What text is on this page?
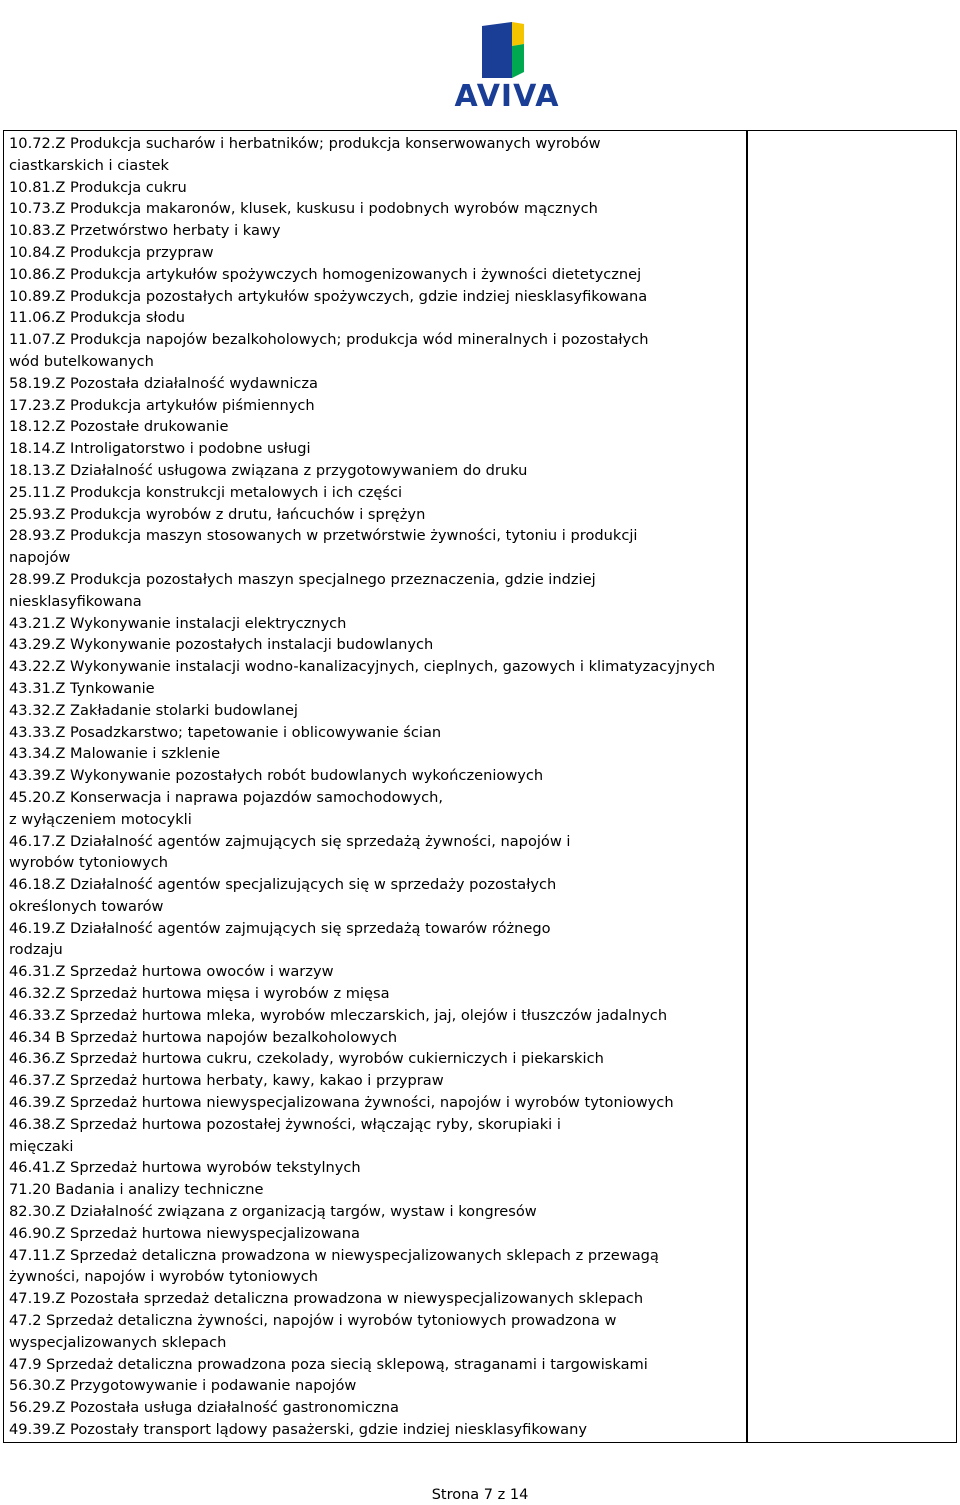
AVIVA
10.72.Z Produkcja sucharów i herbatników; produkcja konserwowanych wyrobów
ciastkarskich i ciastek
10.81.Z Produkcja cukru
10.73.Z Produkcja makaronów, klusek, kuskusu i podobnych wyrobów mącznych
10.83.Z Przetwórstwo herbaty i kawy
10.84.Z Produkcja przypraw
10.86.Z Produkcja artykułów spożywczych homogenizowanych i żywności dietetycznej
10.89.Z Produkcja pozostałych artykułów spożywczych, gdzie indziej niesklasyfikowana
11.06.Z Produkcja słodu
11.07.Z Produkcja napojów bezalkoholowych; produkcja wód mineralnych i pozostałych
wód butelkowanych
58.19.Z Pozostała działalność wydawnicza
17.23.Z Produkcja artykułów piśmiennych
18.12.Z Pozostałe drukowanie
18.14.Z Introligatorstwo i podobne usługi
18.13.Z Działalność usługowa związana z przygotowywaniem do druku
25.11.Z Produkcja konstrukcji metalowych i ich części
25.93.Z Produkcja wyrobów z drutu, łańcuchów i sprężyn
28.93.Z Produkcja maszyn stosowanych w przetwórstwie żywności, tytoniu i produkcji
napojów
28.99.Z Produkcja pozostałych maszyn specjalnego przeznaczenia, gdzie indziej
niesklasyfikowana
43.21.Z Wykonywanie instalacji elektrycznych
43.29.Z Wykonywanie pozostałych instalacji budowlanych
43.22.Z Wykonywanie instalacji wodno-kanalizacyjnych, cieplnych, gazowych i klimatyzacyjnych
43.31.Z Tynkowanie
43.32.Z Zakładanie stolarki budowlanej
43.33.Z Posadzkarstwo; tapetowanie i oblicowywanie ścian
43.34.Z Malowanie i szklenie
43.39.Z Wykonywanie pozostałych robót budowlanych wykończeniowych
45.20.Z Konserwacja i naprawa pojazdów samochodowych,
z wyłączeniem motocykli
46.17.Z Działalność agentów zajmujących się sprzedażą żywności, napojów i
wyrobów tytoniowych
46.18.Z Działalność agentów specjalizujących się w sprzedaży pozostałych
określonych towarów
46.19.Z Działalność agentów zajmujących się sprzedażą towarów różnego
rodzaju
46.31.Z Sprzedaż hurtowa owoców i warzyw
46.32.Z Sprzedaż hurtowa mięsa i wyrobów z mięsa
46.33.Z Sprzedaż hurtowa mleka, wyrobów mleczarskich, jaj, olejów i tłuszczów jadalnych
46.34 B Sprzedaż hurtowa napojów bezalkoholowych
46.36.Z Sprzedaż hurtowa cukru, czekolady, wyrobów cukierniczych i piekarskich
46.37.Z Sprzedaż hurtowa herbaty, kawy, kakao i przypraw
46.39.Z Sprzedaż hurtowa niewyspecjalizowana żywności, napojów i wyrobów tytoniowych
46.38.Z Sprzedaż hurtowa pozostałej żywności, włączając ryby, skorupiaki i
mięczaki
46.41.Z Sprzedaż hurtowa wyrobów tekstylnych
71.20 Badania i analizy techniczne
82.30.Z Działalność związana z organizacją targów, wystaw i kongresów
46.90.Z Sprzedaż hurtowa niewyspecjalizowana
47.11.Z Sprzedaż detaliczna prowadzona w niewyspecjalizowanych sklepach z przewagą
żywności, napojów i wyrobów tytoniowych
47.19.Z Pozostała sprzedaż detaliczna prowadzona w niewyspecjalizowanych sklepach
47.2 Sprzedaż detaliczna żywności, napojów i wyrobów tytoniowych prowadzona w
wyspecjalizowanych sklepach
47.9 Sprzedaż detaliczna prowadzona poza siecią sklepową, straganami i targowiskami
56.30.Z Przygotowywanie i podawanie napojów
56.29.Z Pozostała usługa działalność gastronomiczna
49.39.Z Pozostały transport lądowy pasażerski, gdzie indziej niesklasyfikowany
Strona 7 z 14
